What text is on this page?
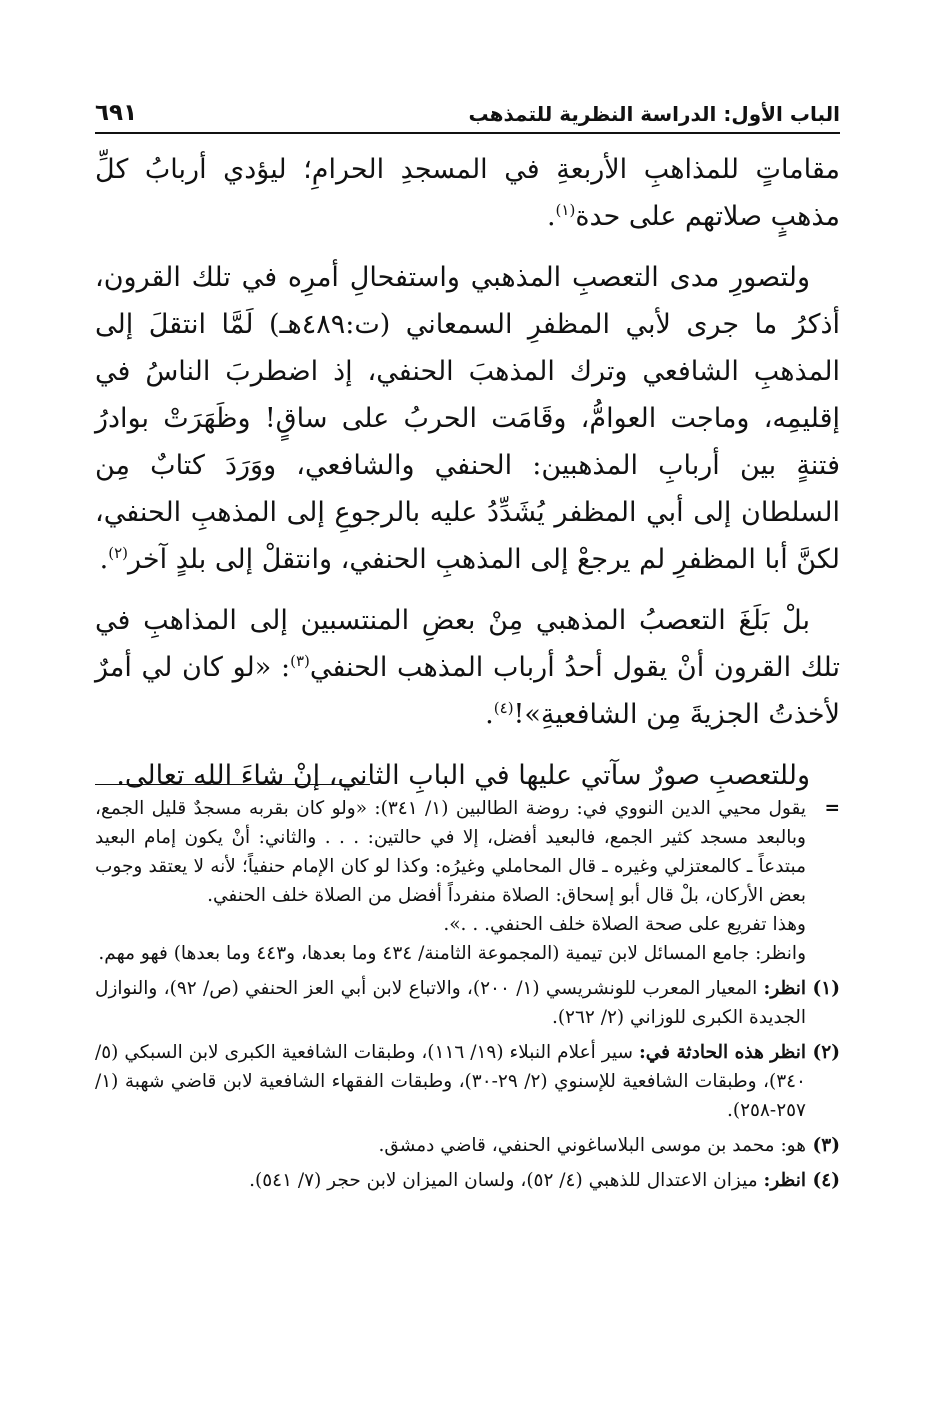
الباب الأول: الدراسة النظرية للتمذهب
٦٩١

مقاماتٍ للمذاهبِ الأربعةِ في المسجدِ الحرامِ؛ ليؤدي أربابُ كلِّ مذهبٍ صلاتهم على حدة$^{(١)}$.

ولتصورِ مدى التعصبِ المذهبي واستفحالِ أمرِه في تلك القرون، أذكرُ ما جرى لأبي المظفرِ السمعاني (ت:٤٨٩هـ) لَمَّا انتقلَ إلى المذهبِ الشافعي وترك المذهبَ الحنفي، إذ اضطربَ الناسُ في إقليمِه، وماجت العوامُّ، وقَامَت الحربُ على ساقٍ! وظَهَرَتْ بوادرُ فتنةٍ بين أربابِ المذهبين: الحنفي والشافعي، ووَرَدَ كتابٌ مِن السلطان إلى أبي المظفر يُشَدِّدُ عليه بالرجوعِ إلى المذهبِ الحنفي، لكنَّ أبا المظفرِ لم يرجعْ إلى المذهبِ الحنفي، وانتقلْ إلى بلدٍ آخر$^{(٢)}$.

بلْ بَلَغَ التعصبُ المذهبي مِنْ بعضِ المنتسبين إلى المذاهبِ في تلك القرون أنْ يقول أحدُ أرباب المذهب الحنفي$^{(٣)}$: «لو كان لي أمرٌ لأخذتُ الجزيةَ مِن الشافعيةِ»!$^{(٤)}$.

وللتعصبِ صورٌ سآتي عليها في البابِ الثاني، إنْ شاءَ الله تعالى.

=
يقول محيي الدين النووي في: روضة الطالبين (١/ ٣٤١): «ولو كان بقربه مسجدٌ قليل الجمع، وبالبعد مسجد كثير الجمع، فالبعيد أفضل، إلا في حالتين: . . . والثاني: أنْ يكون إمام البعيد مبتدعاً ـ كالمعتزلي وغيره ـ قال المحاملي وغيرُه: وكذا لو كان الإمام حنفياً؛ لأنه لا يعتقد وجوب بعض الأركان، بلْ قال أبو إسحاق: الصلاة منفرداً أفضل من الصلاة خلف الحنفي.
وهذا تفريع على صحة الصلاة خلف الحنفي. . .».
وانظر: جامع المسائل لابن تيمية (المجموعة الثامنة/ ٤٣٤ وما بعدها، و٤٤٣ وما بعدها) فهو مهم.
(١)
انظر: المعيار المعرب للونشريسي (١/ ٢٠٠)، والاتباع لابن أبي العز الحنفي (ص/ ٩٢)، والنوازل الجديدة الكبرى للوزاني (٢/ ٢٦٢).
(٢)
انظر هذه الحادثة في: سير أعلام النبلاء (١٩/ ١١٦)، وطبقات الشافعية الكبرى لابن السبكي (٥/ ٣٤٠)، وطبقات الشافعية للإسنوي (٢/ ٢٩-٣٠)، وطبقات الفقهاء الشافعية لابن قاضي شهبة (١/ ٢٥٧-٢٥٨).
(٣)
هو: محمد بن موسى البلاساغوني الحنفي، قاضي دمشق.
(٤)
انظر: ميزان الاعتدال للذهبي (٤/ ٥٢)، ولسان الميزان لابن حجر (٧/ ٥٤١).
